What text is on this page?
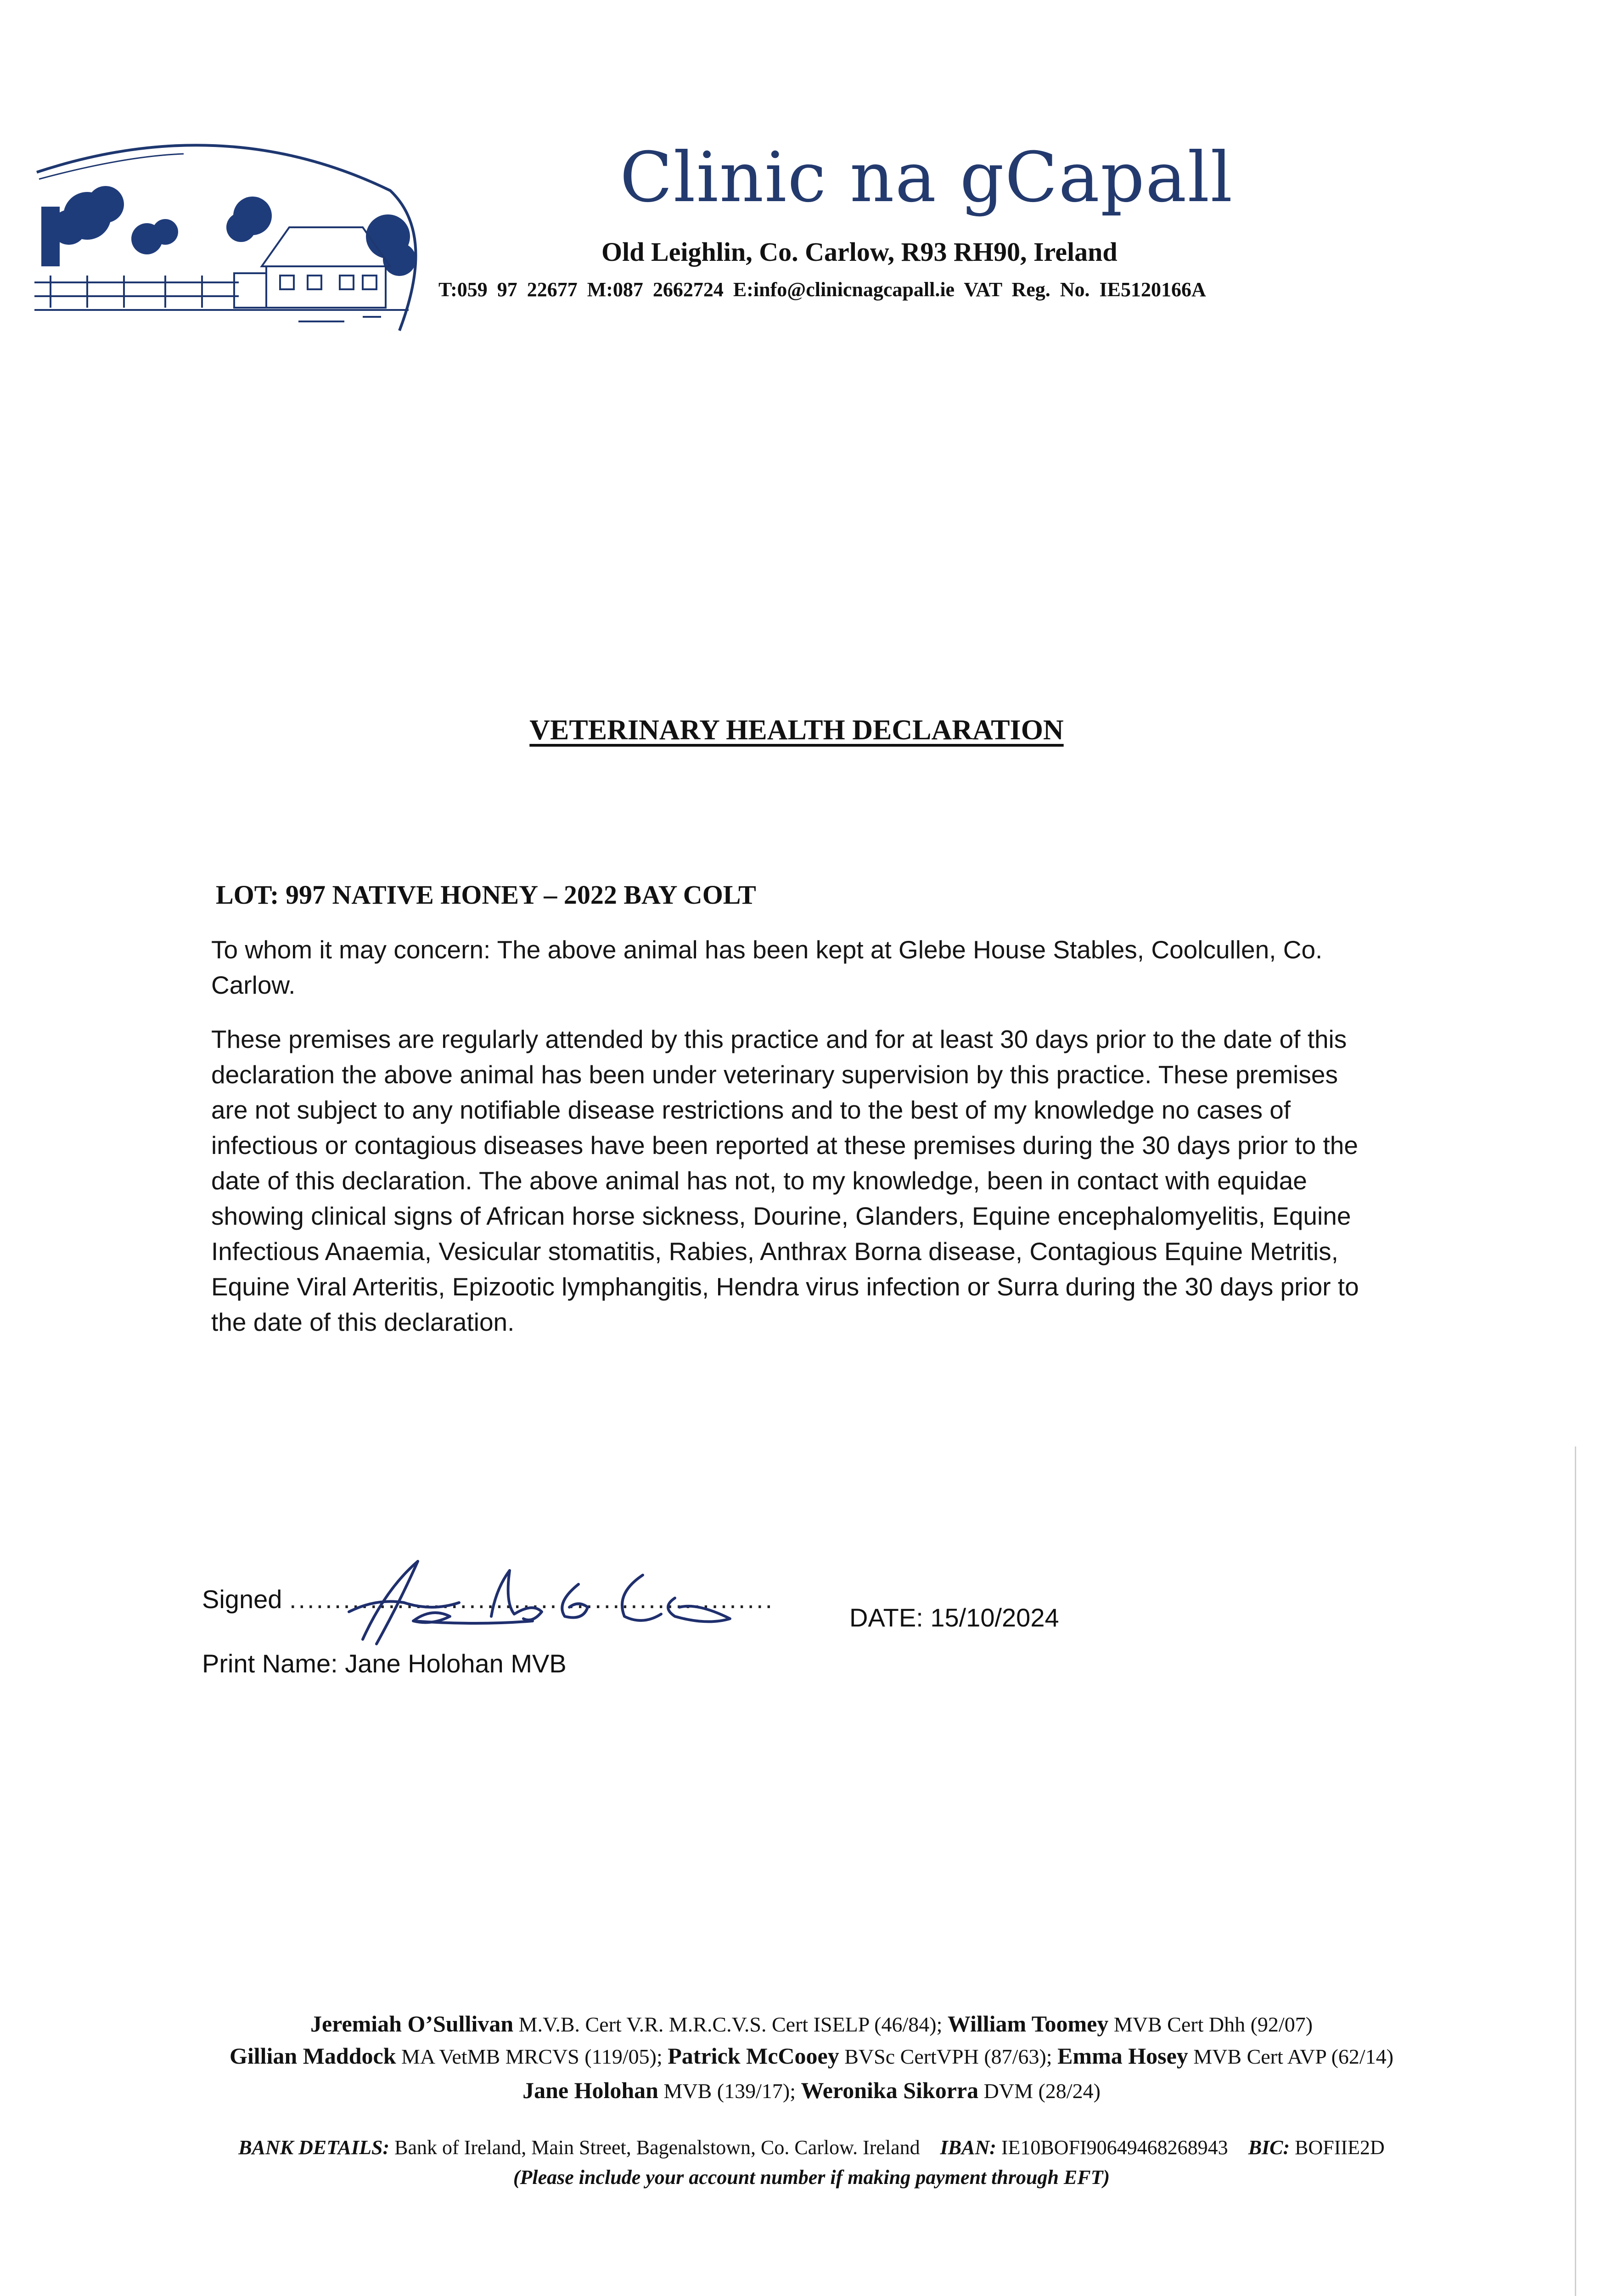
Clinic na gCapall
Old Leighlin, Co. Carlow, R93 RH90, Ireland
T:059 97 22677 M:087 2662724 E:info@clinicnagcapall.ie VAT Reg. No. IE5120166A
VETERINARY HEALTH DECLARATION
LOT: 997 NATIVE HONEY – 2022 BAY COLT
To whom it may concern: The above animal has been kept at Glebe House Stables, Coolcullen, Co. Carlow.
These premises are regularly attended by this practice and for at least 30 days prior to the date of this declaration the above animal has been under veterinary supervision by this practice. These premises are not subject to any notifiable disease restrictions and to the best of my knowledge no cases of infectious or contagious diseases have been reported at these premises during the 30 days prior to the date of this declaration. The above animal has not, to my knowledge, been in contact with equidae showing clinical signs of African horse sickness, Dourine, Glanders, Equine encephalomyelitis, Equine Infectious Anaemia, Vesicular stomatitis, Rabies, Anthrax Borna disease, Contagious Equine Metritis, Equine Viral Arteritis, Epizootic lymphangitis, Hendra virus infection or Surra during the 30 days prior to the date of this declaration.
Signed ......................................................
Print Name: Jane Holohan MVB
DATE: 15/10/2024
Jeremiah O’Sullivan M.V.B. Cert V.R. M.R.C.V.S. Cert ISELP (46/84); William Toomey MVB Cert Dhh (92/07)
Gillian Maddock MA VetMB MRCVS (119/05); Patrick McCooey BVSc CertVPH (87/63); Emma Hosey MVB Cert AVP (62/14)
Jane Holohan MVB (139/17); Weronika Sikorra DVM (28/24)
BANK DETAILS: Bank of Ireland, Main Street, Bagenalstown, Co. Carlow. Ireland IBAN: IE10BOFI90649468268943 BIC: BOFIIE2D
(Please include your account number if making payment through EFT)
